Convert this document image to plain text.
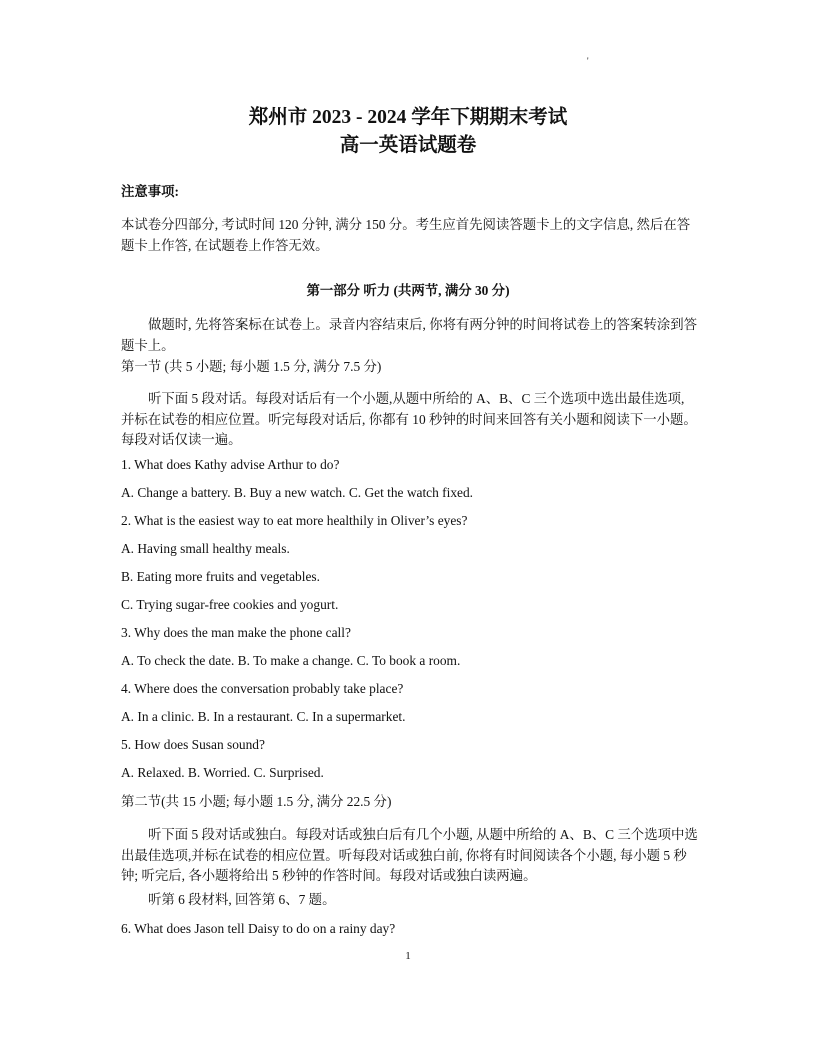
'
郑州市 2023 - 2024 学年下期期末考试
高一英语试题卷
注意事项:
本试卷分四部分, 考试时间 120 分钟, 满分 150 分。考生应首先阅读答题卡上的文字信息, 然后在答题卡上作答, 在试题卷上作答无效。
第一部分 听力 (共两节, 满分 30 分)
做题时, 先将答案标在试卷上。录音内容结束后, 你将有两分钟的时间将试卷上的答案转涂到答题卡上。
第一节 (共 5 小题; 每小题 1.5 分, 满分 7.5 分)
听下面 5 段对话。每段对话后有一个小题,从题中所给的 A、B、C 三个选项中选出最佳选项, 并标在试卷的相应位置。听完每段对话后, 你都有 10 秒钟的时间来回答有关小题和阅读下一小题。每段对话仅读一遍。
1. What does Kathy advise Arthur to do?
A. Change a battery. B. Buy a new watch. C. Get the watch fixed.
2. What is the easiest way to eat more healthily in Oliver’s eyes?
A. Having small healthy meals.
B. Eating more fruits and vegetables.
C. Trying sugar-free cookies and yogurt.
3. Why does the man make the phone call?
A. To check the date. B. To make a change. C. To book a room.
4. Where does the conversation probably take place?
A. In a clinic. B. In a restaurant. C. In a supermarket.
5. How does Susan sound?
A. Relaxed. B. Worried. C. Surprised.
第二节(共 15 小题; 每小题 1.5 分, 满分 22.5 分)
听下面 5 段对话或独白。每段对话或独白后有几个小题, 从题中所给的 A、B、C 三个选项中选出最佳选项,并标在试卷的相应位置。听每段对话或独白前, 你将有时间阅读各个小题, 每小题 5 秒钟; 听完后, 各小题将给出 5 秒钟的作答时间。每段对话或独白读两遍。
听第 6 段材料, 回答第 6、7 题。
6. What does Jason tell Daisy to do on a rainy day?
1
